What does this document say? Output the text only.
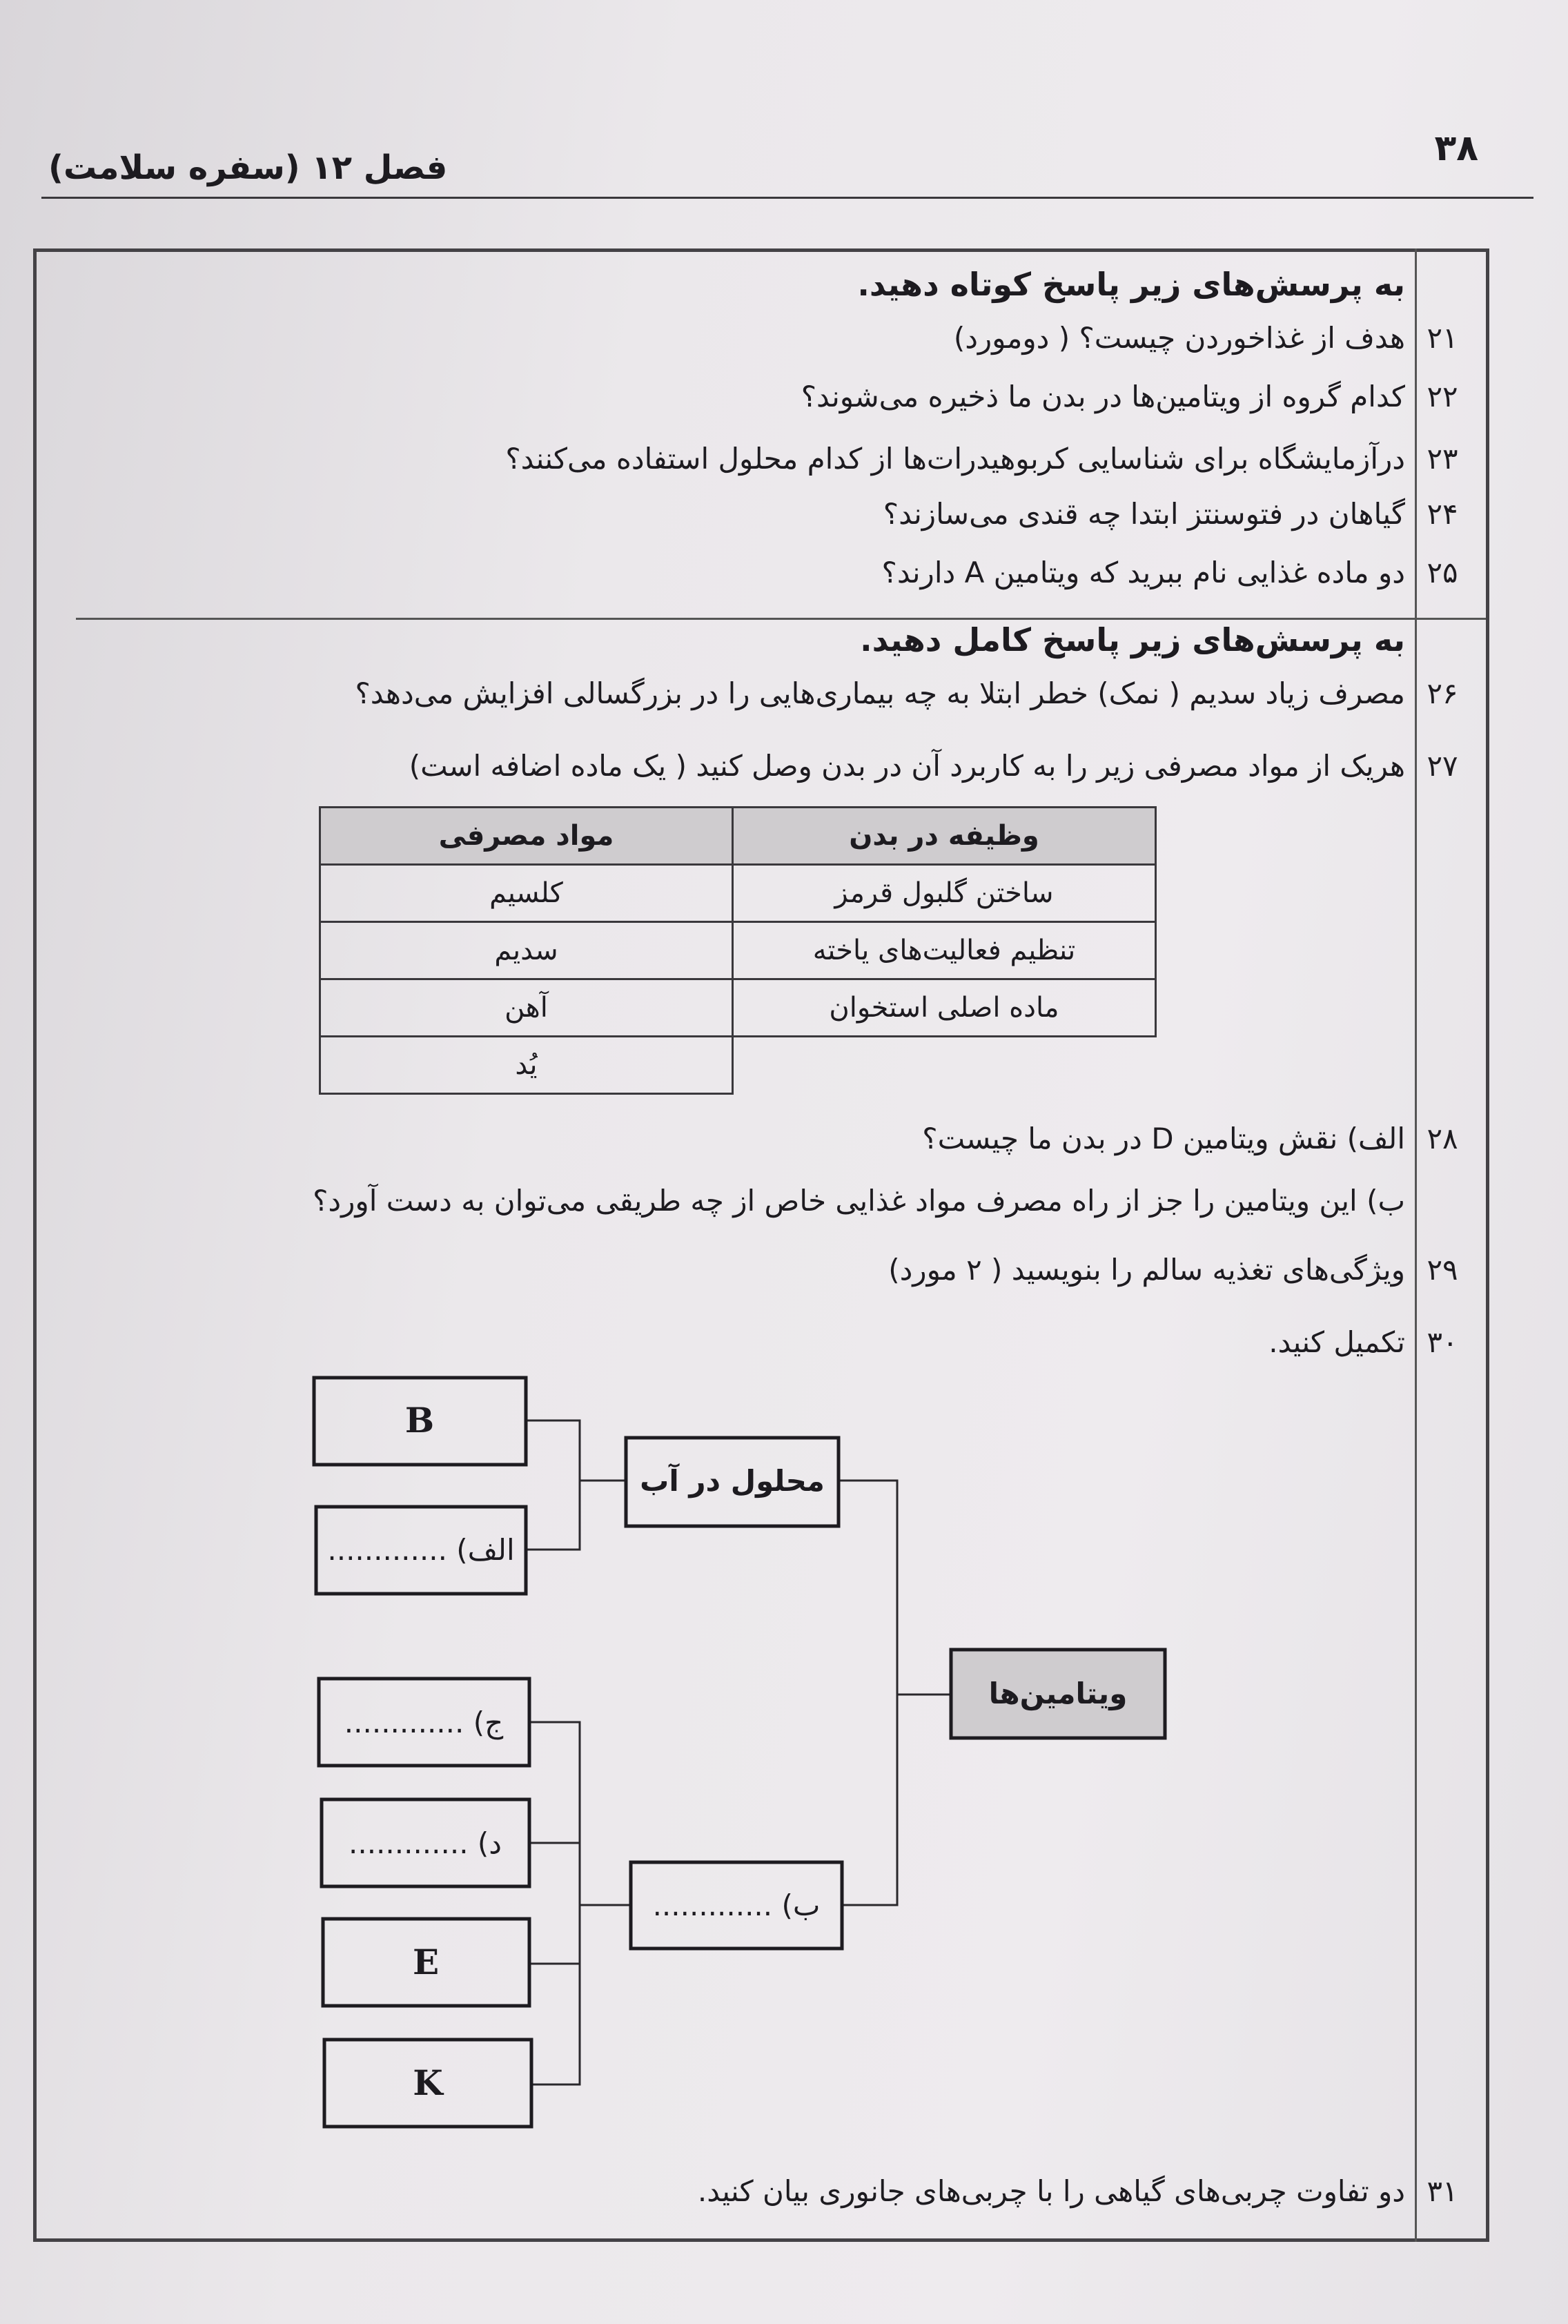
۳۸
فصل ۱۲ (سفره سلامت)
به پرسش‌های زیر پاسخ کوتاه دهید.
۲۱
هدف از غذاخوردن چیست؟ ( دومورد)
۲۲
کدام گروه از ویتامین‌ها در بدن ما ذخیره می‌شوند؟
۲۳
درآزمایشگاه برای شناسایی کربوهیدرات‌ها از کدام محلول استفاده می‌کنند؟
۲۴
گیاهان در فتوسنتز ابتدا چه قندی می‌سازند؟
۲۵
دو ماده غذایی نام ببرید که ویتامین A دارند؟
به پرسش‌های زیر پاسخ کامل دهید.
۲۶
مصرف زیاد سدیم ( نمک) خطر ابتلا به چه بیماری‌هایی را در بزرگسالی افزایش می‌دهد؟
۲۷
هریک از مواد مصرفی زیر را به کاربرد آن در بدن وصل کنید ( یک ماده اضافه است)
وظیفه در بدن	مواد مصرفی
ساختن گلبول قرمز	کلسیم
تنظیم فعالیت‌های یاخته	سدیم
ماده اصلی استخوان	آهن
	یُد
۲۸
الف) نقش ویتامین D در بدن ما چیست؟
ب) این ویتامین را جز از راه مصرف مواد غذایی خاص از چه طریقی می‌توان به دست آورد؟
۲۹
ویژگی‌های تغذیه سالم را بنویسید ( ۲ مورد)
۳۰
تکمیل کنید.
ویتامین‌ها
محلول در آب
ب) .............
B
الف) .............
ج) .............
د) .............
E
K
۳۱
دو تفاوت چربی‌های گیاهی را با چربی‌های جانوری بیان کنید.
